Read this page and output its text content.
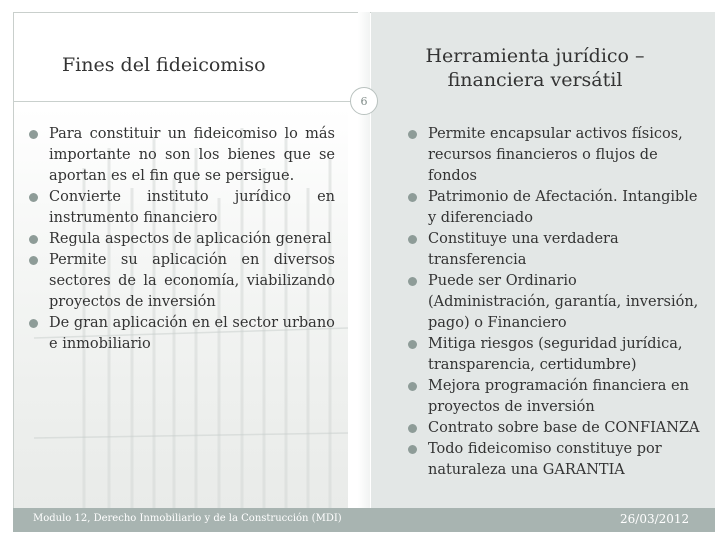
Fines del fideicomiso	Herramienta jurídico –
financiera versátil
6
Para constituir un fideicomiso lo más
importante no son los bienes que se
aportan es el fin que se persigue.
Convierte instituto jurídico en
instrumento financiero
Regula aspectos de aplicación general
Permite su aplicación en diversos
sectores de la economía, viabilizando
proyectos de inversión
De gran aplicación en el sector urbano
e inmobiliario
Permite encapsular activos físicos,
recursos financieros o flujos de
fondos
Patrimonio de Afectación. Intangible
y diferenciado
Constituye una verdadera
transferencia
Puede ser Ordinario
(Administración, garantía, inversión,
pago) o Financiero
Mitiga riesgos (seguridad jurídica,
transparencia, certidumbre)
Mejora programación financiera en
proyectos de inversión
Contrato sobre base de CONFIANZA
Todo fideicomiso constituye por
naturaleza una GARANTIA
Modulo 12, Derecho Inmobiliario y de la Construcción (MDI)	26/03/2012
